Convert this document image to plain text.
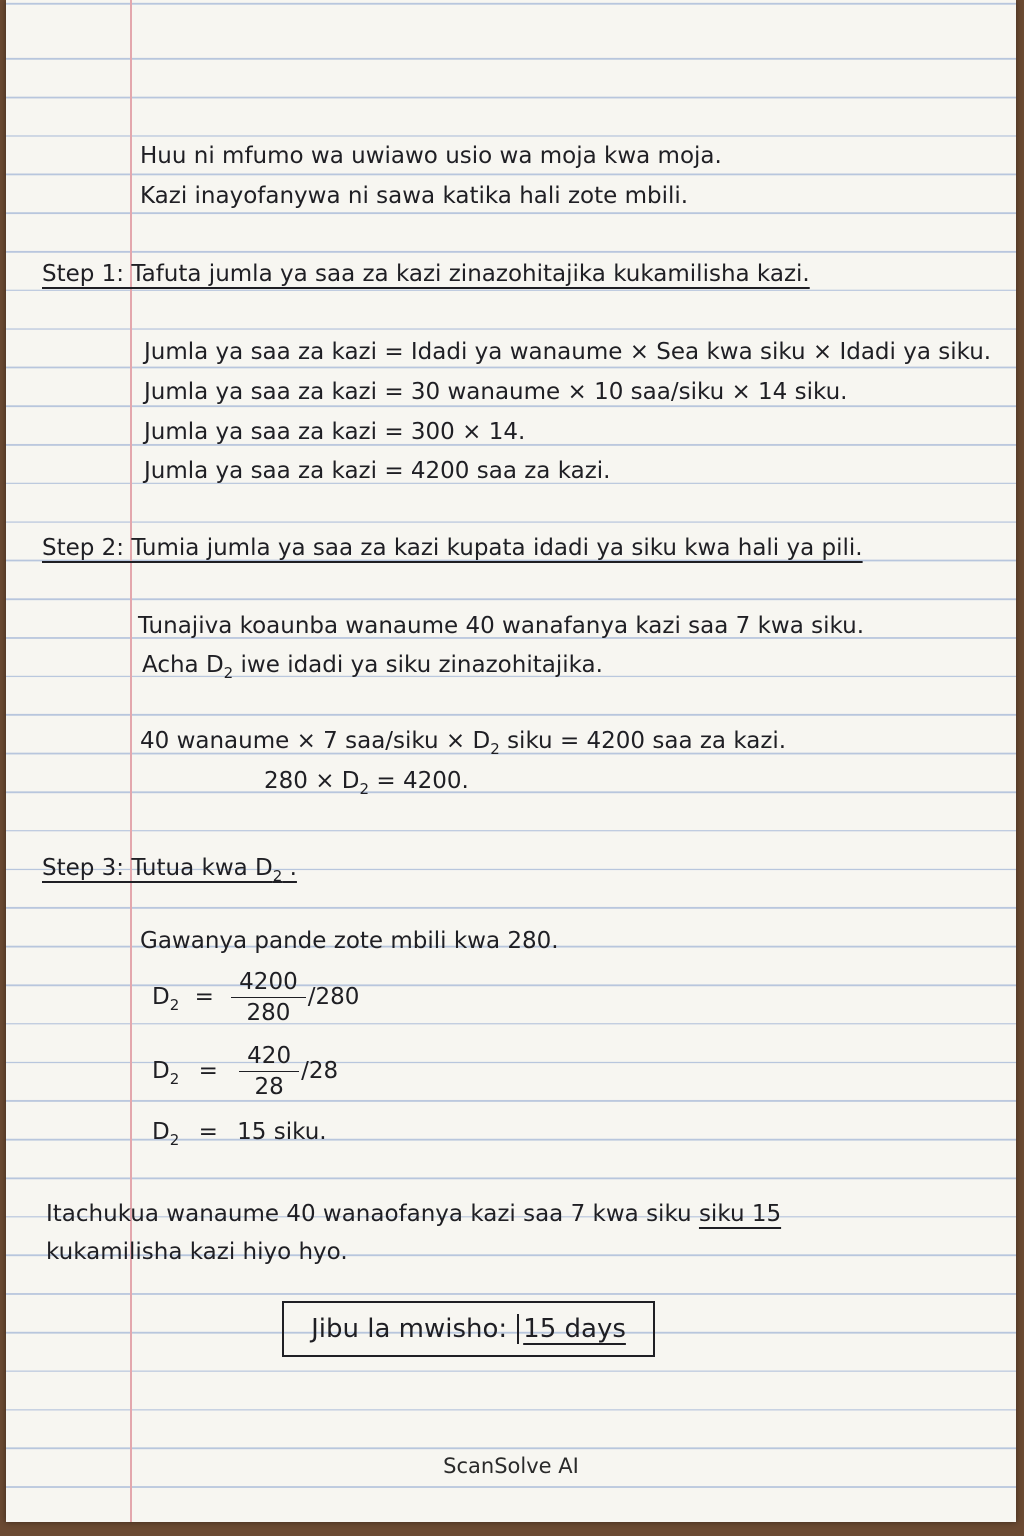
Huu ni mfumo wa uwiawo usio wa moja kwa moja.
Kazi inayofanywa ni sawa katika hali zote mbili.
Step 1: Tafuta jumla ya saa za kazi zinazohitajika kukamilisha kazi.
Jumla ya saa za kazi = Idadi ya wanaume × Sea kwa siku × Idadi ya siku.
Jumla ya saa za kazi = 30 wanaume × 10 saa/siku × 14 siku.
Jumla ya saa za kazi = 300 × 14.
Jumla ya saa za kazi = 4200 saa za kazi.
Step 2: Tumia jumla ya saa za kazi kupata idadi ya siku kwa hali ya pili.
Tunajiva koaunba wanaume 40 wanafanya kazi saa 7 kwa siku.
Acha $D_2$ iwe idadi ya siku zinazohitajika.
40 wanaume × 7 saa/siku × $D_2$ siku = 4200 saa za kazi.
$280 \times D_2 = 4200$.
Step 3: Tutua kwa $D_2$ .
Gawanya pande zote mbili kwa 280.
$D_2 = \frac{4200}{280} /280$
$D_2 = \frac{420}{28} /28$
$D_2 = 15$ siku.
Itachukua wanaume 40 wanaofanya kazi saa 7 kwa siku siku 15
kukamilisha kazi hiyo hyo.
Jibu la mwisho: 15 days
ScanSolve AI
